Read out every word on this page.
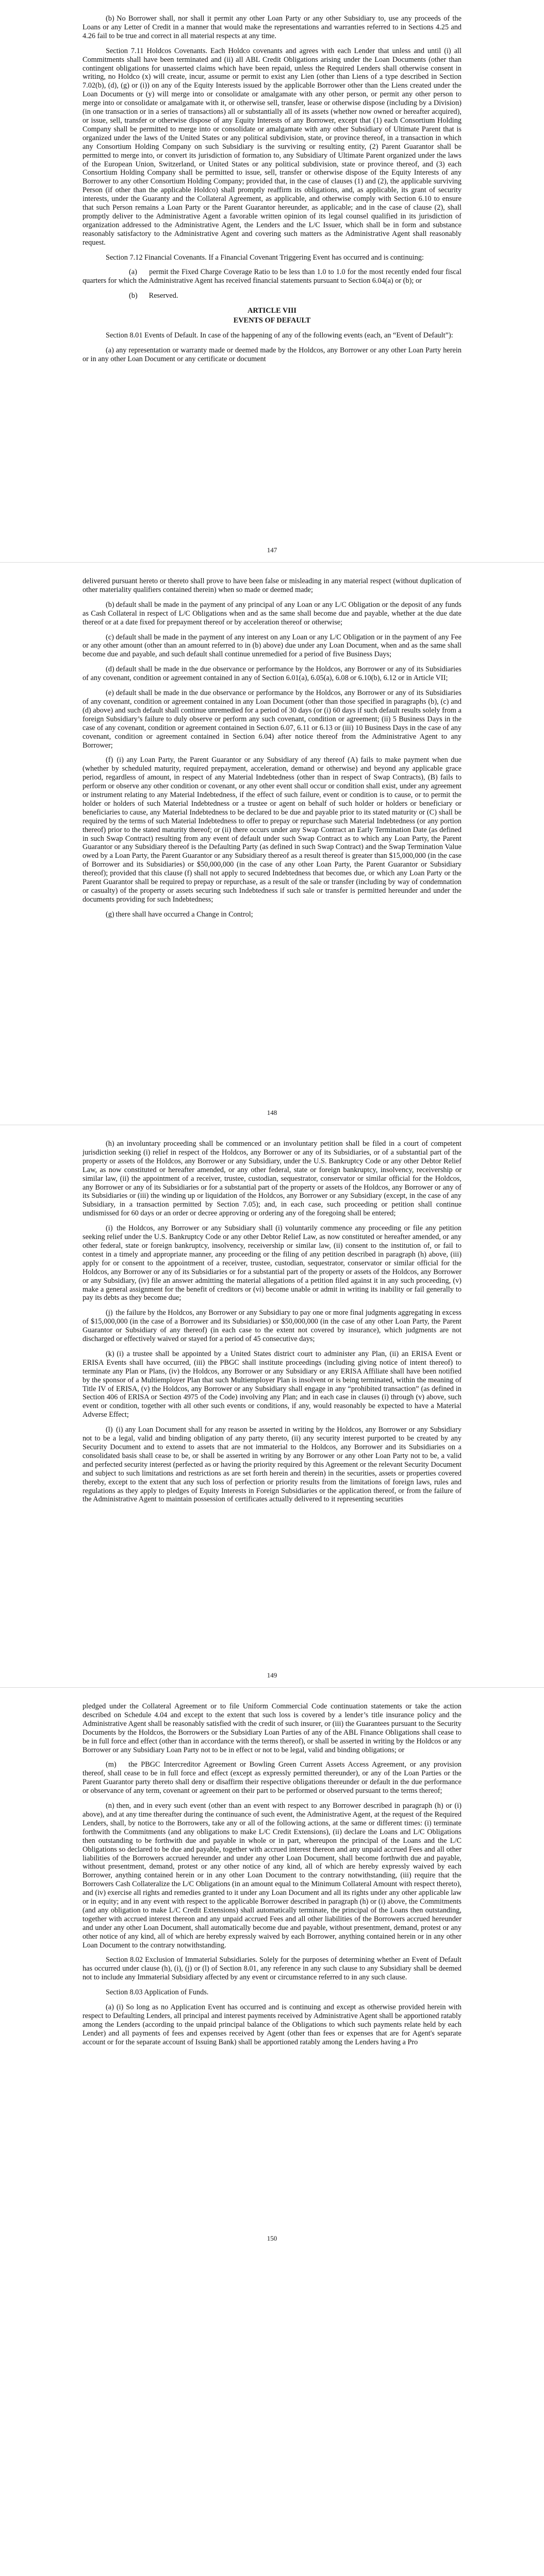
(b)	No Borrower shall, nor shall it permit any other Loan Party or any other Subsidiary to, use any proceeds of the Loans or any Letter of Credit in a manner that would make the representations and warranties referred to in Sections 4.25 and 4.26 fail to be true and correct in all material respects at any time.

Section 7.11 Holdcos Covenants. Each Holdco covenants and agrees with each Lender that unless and until (i) all Commitments shall have been terminated and (ii) all ABL Credit Obligations arising under the Loan Documents (other than contingent obligations for unasserted claims which have been repaid, unless the Required Lenders shall otherwise consent in writing, no Holdco (x) will create, incur, assume or permit to exist any Lien (other than Liens of a type described in Section 7.02(b), (d), (g) or (i)) on any of the Equity Interests issued by the applicable Borrower other than the Liens created under the Loan Documents or (y) will merge into or consolidate or amalgamate with any other person, or permit any other person to merge into or consolidate or amalgamate with it, or otherwise sell, transfer, lease or otherwise dispose (including by a Division) (in one transaction or in a series of transactions) all or substantially all of its assets (whether now owned or hereafter acquired), or issue, sell, transfer or otherwise dispose of any Equity Interests of any Borrower, except that (1) each Consortium Holding Company shall be permitted to merge into or consolidate or amalgamate with any other Subsidiary of Ultimate Parent that is organized under the laws of the United States or any political subdivision, state, or province thereof, in a transaction in which any Consortium Holding Company on such Subsidiary is the surviving or resulting entity, (2) Parent Guarantor shall be permitted to merge into, or convert its jurisdiction of formation to, any Subsidiary of Ultimate Parent organized under the laws of the European Union, Switzerland, or United States or any political subdivision, state or province thereof, and (3) each Consortium Holding Company shall be permitted to issue, sell, transfer or otherwise dispose of the Equity Interests of any Borrower to any other Consortium Holding Company; provided that, in the case of clauses (1) and (2), the applicable surviving Person (if other than the applicable Holdco) shall promptly reaffirm its obligations, and, as applicable, its grant of security interests, under the Guaranty and the Collateral Agreement, as applicable, and otherwise comply with Section 6.10 to ensure that such Person remains a Loan Party or the Parent Guarantor hereunder, as applicable; and in the case of clause (2), shall promptly deliver to the Administrative Agent a favorable written opinion of its legal counsel qualified in its jurisdiction of organization addressed to the Administrative Agent, the Lenders and the L/C Issuer, which shall be in form and substance reasonably satisfactory to the Administrative Agent and covering such matters as the Administrative Agent shall reasonably request.

Section 7.12 Financial Covenants. If a Financial Covenant Triggering Event has occurred and is continuing:

(a)	permit the Fixed Charge Coverage Ratio to be less than 1.0 to 1.0 for the most recently ended four fiscal quarters for which the Administrative Agent has received financial statements pursuant to Section 6.04(a) or (b); or

(b)	Reserved.

ARTICLE VIII
EVENTS OF DEFAULT

Section 8.01 Events of Default. In case of the happening of any of the following events (each, an “Event of Default”):

(a)	any representation or warranty made or deemed made by the Holdcos, any Borrower or any other Loan Party herein or in any other Loan Document or any certificate or document

147

delivered pursuant hereto or thereto shall prove to have been false or misleading in any material respect (without duplication of other materiality qualifiers contained therein) when so made or deemed made;

(b)	default shall be made in the payment of any principal of any Loan or any L/C Obligation or the deposit of any funds as Cash Collateral in respect of L/C Obligations when and as the same shall become due and payable, whether at the due date thereof or at a date fixed for prepayment thereof or by acceleration thereof or otherwise;

(c)	default shall be made in the payment of any interest on any Loan or any L/C Obligation or in the payment of any Fee or any other amount (other than an amount referred to in (b) above) due under any Loan Document, when and as the same shall become due and payable, and such default shall continue unremedied for a period of five Business Days;

(d)	default shall be made in the due observance or performance by the Holdcos, any Borrower or any of its Subsidiaries of any covenant, condition or agreement contained in any of Section 6.01(a), 6.05(a), 6.08 or 6.10(b), 6.12 or in Article VII;

(e)	default shall be made in the due observance or performance by the Holdcos, any Borrower or any of its Subsidiaries of any covenant, condition or agreement contained in any Loan Document (other than those specified in paragraphs (b), (c) and (d) above) and such default shall continue unremedied for a period of 30 days (or (i) 60 days if such default results solely from a foreign Subsidiary’s failure to duly observe or perform any such covenant, condition or agreement; (ii) 5 Business Days in the case of any covenant, condition or agreement contained in Section 6.07, 6.11 or 6.13 or (iii) 10 Business Days in the case of any covenant, condition or agreement contained in Section 6.04) after notice thereof from the Administrative Agent to any Borrower;

(f)	(i) any Loan Party, the Parent Guarantor or any Subsidiary of any thereof (A) fails to make payment when due (whether by scheduled maturity, required prepayment, acceleration, demand or otherwise) and beyond any applicable grace period, regardless of amount, in respect of any Material Indebtedness (other than in respect of Swap Contracts), (B) fails to perform or observe any other condition or covenant, or any other event shall occur or condition shall exist, under any agreement or instrument relating to any Material Indebtedness, if the effect of such failure, event or condition is to cause, or to permit the holder or holders of such Material Indebtedness or a trustee or agent on behalf of such holder or holders or beneficiary or beneficiaries to cause, any Material Indebtedness to be declared to be due and payable prior to its stated maturity or (C) shall be required by the terms of such Material Indebtedness to offer to prepay or repurchase such Material Indebtedness (or any portion thereof) prior to the stated maturity thereof; or (ii) there occurs under any Swap Contract an Early Termination Date (as defined in such Swap Contract) resulting from any event of default under such Swap Contract as to which any Loan Party, the Parent Guarantor or any Subsidiary thereof is the Defaulting Party (as defined in such Swap Contract) and the Swap Termination Value owed by a Loan Party, the Parent Guarantor or any Subsidiary thereof as a result thereof is greater than $15,000,000 (in the case of Borrower and its Subsidiaries) or $50,000,000 (in the case of any other Loan Party, the Parent Guarantor or Subsidiary thereof); provided that this clause (f) shall not apply to secured Indebtedness that becomes due, or which any Loan Party or the Parent Guarantor shall be required to prepay or repurchase, as a result of the sale or transfer (including by way of condemnation or casualty) of the property or assets securing such Indebtedness if such sale or transfer is permitted hereunder and under the documents providing for such Indebtedness;

(g)	there shall have occurred a Change in Control;

148

(h)	an involuntary proceeding shall be commenced or an involuntary petition shall be filed in a court of competent jurisdiction seeking (i) relief in respect of the Holdcos, any Borrower or any of its Subsidiaries, or of a substantial part of the property or assets of the Holdcos, any Borrower or any Subsidiary, under the U.S. Bankruptcy Code or any other Debtor Relief Law, as now constituted or hereafter amended, or any other federal, state or foreign bankruptcy, insolvency, receivership or similar law, (ii) the appointment of a receiver, trustee, custodian, sequestrator, conservator or similar official for the Holdcos, any Borrower or any of its Subsidiaries or for a substantial part of the property or assets of the Holdcos, any Borrower or any of its Subsidiaries or (iii) the winding up or liquidation of the Holdcos, any Borrower or any Subsidiary (except, in the case of any Subsidiary, in a transaction permitted by Section 7.05); and, in each case, such proceeding or petition shall continue undismissed for 60 days or an order or decree approving or ordering any of the foregoing shall be entered;

(i)	the Holdcos, any Borrower or any Subsidiary shall (i) voluntarily commence any proceeding or file any petition seeking relief under the U.S. Bankruptcy Code or any other Debtor Relief Law, as now constituted or hereafter amended, or any other federal, state or foreign bankruptcy, insolvency, receivership or similar law, (ii) consent to the institution of, or fail to contest in a timely and appropriate manner, any proceeding or the filing of any petition described in paragraph (h) above, (iii) apply for or consent to the appointment of a receiver, trustee, custodian, sequestrator, conservator or similar official for the Holdcos, any Borrower or any of its Subsidiaries or for a substantial part of the property or assets of the Holdcos, any Borrower or any Subsidiary, (iv) file an answer admitting the material allegations of a petition filed against it in any such proceeding, (v) make a general assignment for the benefit of creditors or (vi) become unable or admit in writing its inability or fail generally to pay its debts as they become due;

(j)	the failure by the Holdcos, any Borrower or any Subsidiary to pay one or more final judgments aggregating in excess of $15,000,000 (in the case of a Borrower and its Subsidiaries) or $50,000,000 (in the case of any other Loan Party, the Parent Guarantor or Subsidiary of any thereof) (in each case to the extent not covered by insurance), which judgments are not discharged or effectively waived or stayed for a period of 45 consecutive days;

(k)	(i) a trustee shall be appointed by a United States district court to administer any Plan, (ii) an ERISA Event or ERISA Events shall have occurred, (iii) the PBGC shall institute proceedings (including giving notice of intent thereof) to terminate any Plan or Plans, (iv) the Holdcos, any Borrower or any Subsidiary or any ERISA Affiliate shall have been notified by the sponsor of a Multiemployer Plan that such Multiemployer Plan is insolvent or is being terminated, within the meaning of Title IV of ERISA, (v) the Holdcos, any Borrower or any Subsidiary shall engage in any “prohibited transaction” (as defined in Section 406 of ERISA or Section 4975 of the Code) involving any Plan; and in each case in clauses (i) through (v) above, such event or condition, together with all other such events or conditions, if any, would reasonably be expected to have a Material Adverse Effect;

(l)	(i) any Loan Document shall for any reason be asserted in writing by the Holdcos, any Borrower or any Subsidiary not to be a legal, valid and binding obligation of any party thereto, (ii) any security interest purported to be created by any Security Document and to extend to assets that are not immaterial to the Holdcos, any Borrower and its Subsidiaries on a consolidated basis shall cease to be, or shall be asserted in writing by any Borrower or any other Loan Party not to be, a valid and perfected security interest (perfected as or having the priority required by this Agreement or the relevant Security Document and subject to such limitations and restrictions as are set forth herein and therein) in the securities, assets or properties covered thereby, except to the extent that any such loss of perfection or priority results from the limitations of foreign laws, rules and regulations as they apply to pledges of Equity Interests in Foreign Subsidiaries or the application thereof, or from the failure of the Administrative Agent to maintain possession of certificates actually delivered to it representing securities

149

pledged under the Collateral Agreement or to file Uniform Commercial Code continuation statements or take the action described on Schedule 4.04 and except to the extent that such loss is covered by a lender’s title insurance policy and the Administrative Agent shall be reasonably satisfied with the credit of such insurer, or (iii) the Guarantees pursuant to the Security Documents by the Holdcos, the Borrowers or the Subsidiary Loan Parties of any of the ABL Finance Obligations shall cease to be in full force and effect (other than in accordance with the terms thereof), or shall be asserted in writing by the Holdcos or any Borrower or any Subsidiary Loan Party not to be in effect or not to be legal, valid and binding obligations; or

(m)	the PBGC Intercreditor Agreement or Bowling Green Current Assets Access Agreement, or any provision thereof, shall cease to be in full force and effect (except as expressly permitted thereunder), or any of the Loan Parties or the Parent Guarantor party thereto shall deny or disaffirm their respective obligations thereunder or default in the due performance or observance of any term, covenant or agreement on their part to be performed or observed pursuant to the terms thereof;

(n)	then, and in every such event (other than an event with respect to any Borrower described in paragraph (h) or (i) above), and at any time thereafter during the continuance of such event, the Administrative Agent, at the request of the Required Lenders, shall, by notice to the Borrowers, take any or all of the following actions, at the same or different times: (i) terminate forthwith the Commitments (and any obligations to make L/C Credit Extensions), (ii) declare the Loans and L/C Obligations then outstanding to be forthwith due and payable in whole or in part, whereupon the principal of the Loans and the L/C Obligations so declared to be due and payable, together with accrued interest thereon and any unpaid accrued Fees and all other liabilities of the Borrowers accrued hereunder and under any other Loan Document, shall become forthwith due and payable, without presentment, demand, protest or any other notice of any kind, all of which are hereby expressly waived by each Borrower, anything contained herein or in any other Loan Document to the contrary notwithstanding, (iii) require that the Borrowers Cash Collateralize the L/C Obligations (in an amount equal to the Minimum Collateral Amount with respect thereto), and (iv) exercise all rights and remedies granted to it under any Loan Document and all its rights under any other applicable law or in equity; and in any event with respect to the applicable Borrower described in paragraph (h) or (i) above, the Commitments (and any obligation to make L/C Credit Extensions) shall automatically terminate, the principal of the Loans then outstanding, together with accrued interest thereon and any unpaid accrued Fees and all other liabilities of the Borrowers accrued hereunder and under any other Loan Document, shall automatically become due and payable, without presentment, demand, protest or any other notice of any kind, all of which are hereby expressly waived by each Borrower, anything contained herein or in any other Loan Document to the contrary notwithstanding.

Section 8.02 Exclusion of Immaterial Subsidiaries. Solely for the purposes of determining whether an Event of Default has occurred under clause (h), (i), (j) or (l) of Section 8.01, any reference in any such clause to any Subsidiary shall be deemed not to include any Immaterial Subsidiary affected by any event or circumstance referred to in any such clause.

Section 8.03 Application of Funds.

(a)	(i) So long as no Application Event has occurred and is continuing and except as otherwise provided herein with respect to Defaulting Lenders, all principal and interest payments received by Administrative Agent shall be apportioned ratably among the Lenders (according to the unpaid principal balance of the Obligations to which such payments relate held by each Lender) and all payments of fees and expenses received by Agent (other than fees or expenses that are for Agent's separate account or for the separate account of Issuing Bank) shall be apportioned ratably among the Lenders having a Pro

150
